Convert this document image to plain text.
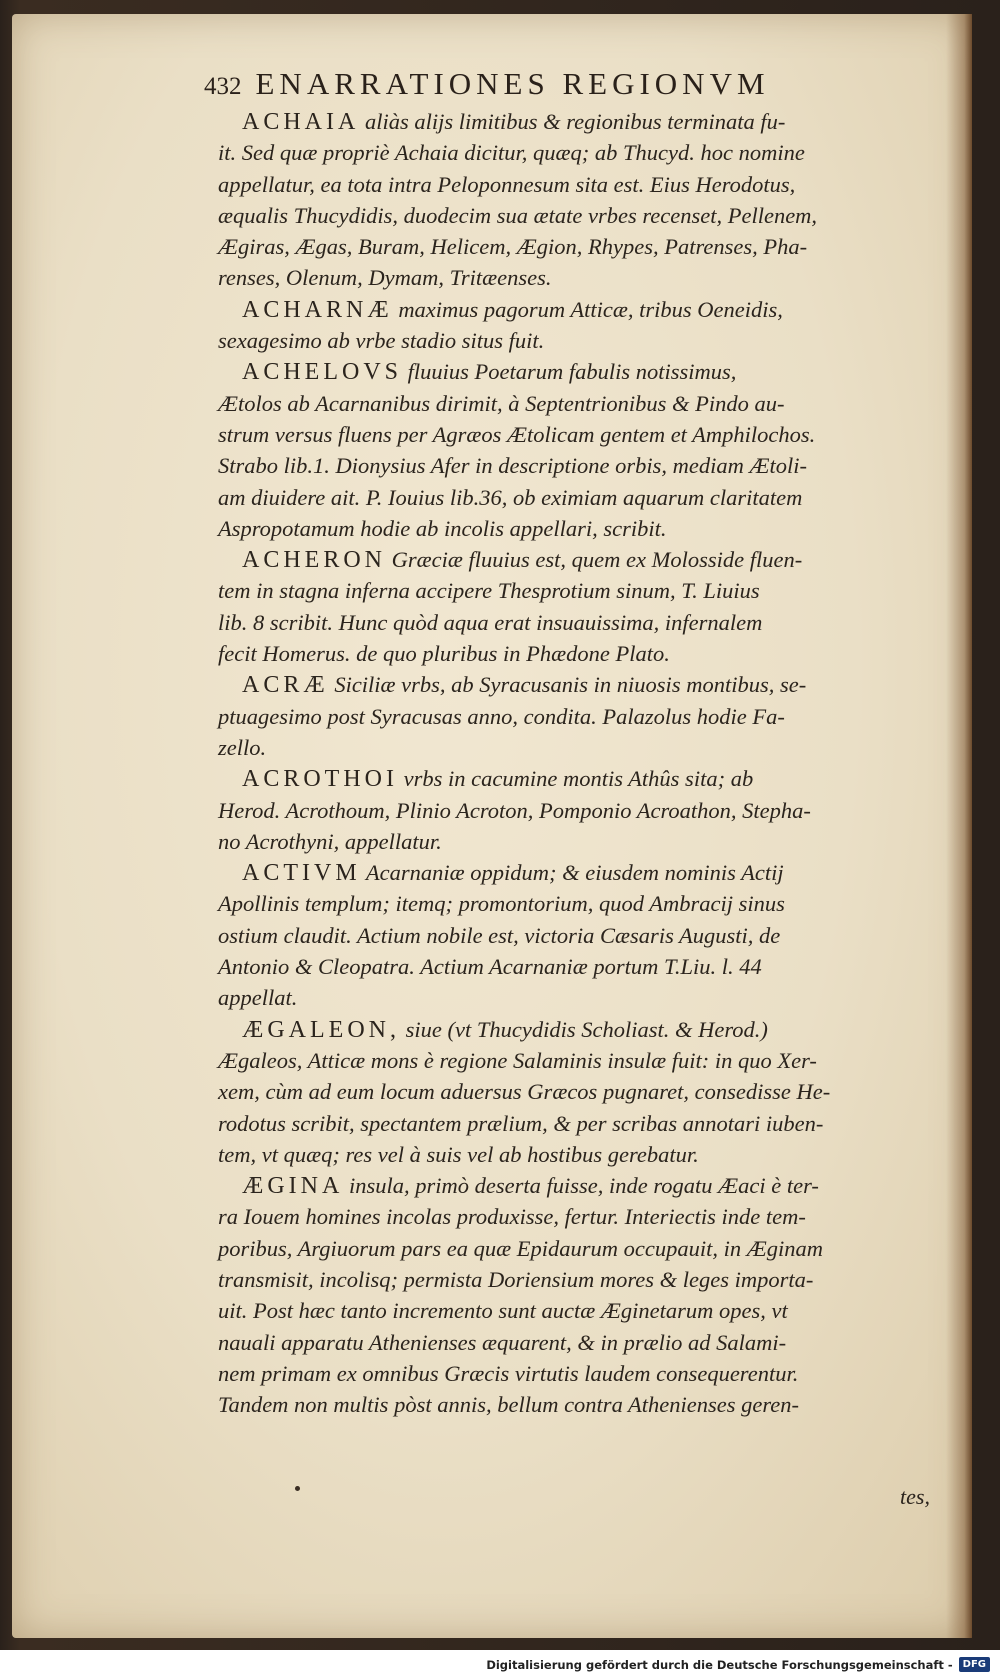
432 ENARRATIONES REGIONVM
ACHAIA aliàs alijs limitibus & regionibus terminata fu-
it. Sed quæ propriè Achaia dicitur, quæq; ab Thucyd. hoc nomine
appellatur, ea tota intra Peloponnesum sita est. Eius Herodotus,
æqualis Thucydidis, duodecim sua ætate vrbes recenset, Pellenem,
Ægiras, Ægas, Buram, Helicem, Ægion, Rhypes, Patrenses, Pha-
renses, Olenum, Dymam, Tritæenses.
ACHARNÆ maximus pagorum Atticæ, tribus Oeneidis,
sexagesimo ab vrbe stadio situs fuit.
ACHELOVS fluuius Poetarum fabulis notissimus,
Ætolos ab Acarnanibus dirimit, à Septentrionibus & Pindo au-
strum versus fluens per Agræos Ætolicam gentem et Amphilochos.
Strabo lib.1. Dionysius Afer in descriptione orbis, mediam Ætoli-
am diuidere ait. P. Iouius lib.36, ob eximiam aquarum claritatem
Aspropotamum hodie ab incolis appellari, scribit.
ACHERON Græciæ fluuius est, quem ex Molosside fluen-
tem in stagna inferna accipere Thesprotium sinum, T. Liuius
lib. 8 scribit. Hunc quòd aqua erat insuauissima, infernalem
fecit Homerus. de quo pluribus in Phædone Plato.
ACRÆ Siciliæ vrbs, ab Syracusanis in niuosis montibus, se-
ptuagesimo post Syracusas anno, condita. Palazolus hodie Fa-
zello.
ACROTHOI vrbs in cacumine montis Athûs sita; ab
Herod. Acrothoum, Plinio Acroton, Pomponio Acroathon, Stepha-
no Acrothyni, appellatur.
ACTIVM Acarnaniæ oppidum; & eiusdem nominis Actij
Apollinis templum; itemq; promontorium, quod Ambracij sinus
ostium claudit. Actium nobile est, victoria Cæsaris Augusti, de
Antonio & Cleopatra. Actium Acarnaniæ portum T.Liu. l. 44
appellat.
ÆGALEON, siue (vt Thucydidis Scholiast. & Herod.)
Ægaleos, Atticæ mons è regione Salaminis insulæ fuit: in quo Xer-
xem, cùm ad eum locum aduersus Græcos pugnaret, consedisse He-
rodotus scribit, spectantem prælium, & per scribas annotari iuben-
tem, vt quæq; res vel à suis vel ab hostibus gerebatur.
ÆGINA insula, primò deserta fuisse, inde rogatu Æaci è ter-
ra Iouem homines incolas produxisse, fertur. Interiectis inde tem-
poribus, Argiuorum pars ea quæ Epidaurum occupauit, in Æginam
transmisit, incolisq; permista Doriensium mores & leges importa-
uit. Post hæc tanto incremento sunt auctæ Æginetarum opes, vt
nauali apparatu Athenienses æquarent, & in prælio ad Salami-
nem primam ex omnibus Græcis virtutis laudem consequerentur.
Tandem non multis pòst annis, bellum contra Athenienses geren-
tes,
Digitalisierung gefördert durch die Deutsche Forschungsgemeinschaft -	DFG
